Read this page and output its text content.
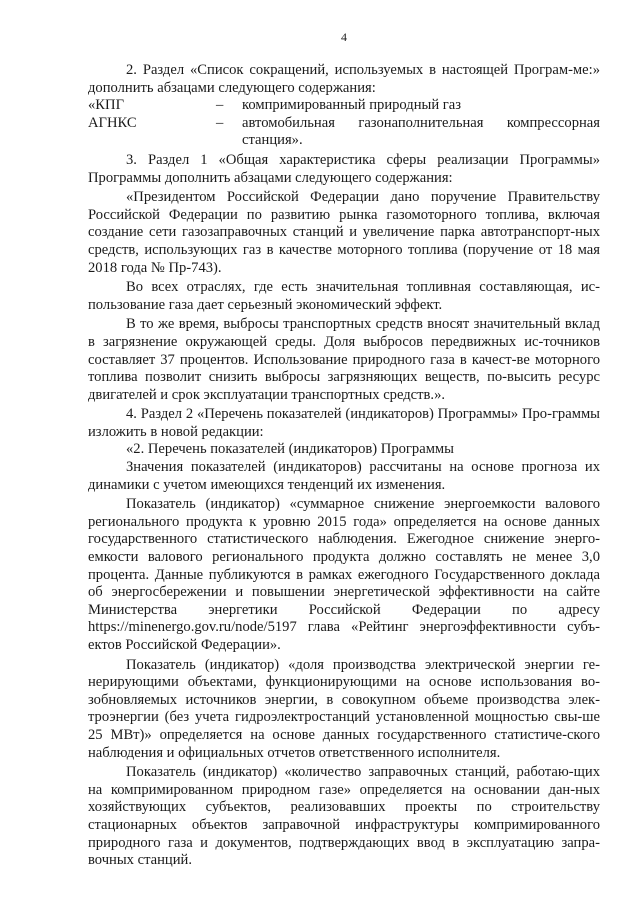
4

2. Раздел «Список сокращений, используемых в настоящей Програм-ме:» дополнить абзацами следующего содержания:

«КПГ	–	компримированный природный газ
АГНКС	–	автомобильная газонаполнительная компрессорная станция».

3. Раздел 1 «Общая характеристика сферы реализации Программы» Программы дополнить абзацами следующего содержания:

«Президентом Российской Федерации дано поручение Правительству Российской Федерации по развитию рынка газомоторного топлива, включая создание сети газозаправочных станций и увеличение парка автотранспорт-ных средств, использующих газ в качестве моторного топлива (поручение от 18 мая 2018 года № Пр-743).

Во всех отраслях, где есть значительная топливная составляющая, ис-пользование газа дает серьезный экономический эффект.

В то же время, выбросы транспортных средств вносят значительный вклад в загрязнение окружающей среды. Доля выбросов передвижных ис-точников составляет 37 процентов. Использование природного газа в качест-ве моторного топлива позволит снизить выбросы загрязняющих веществ, по-высить ресурс двигателей и срок эксплуатации транспортных средств.».

4. Раздел 2 «Перечень показателей (индикаторов) Программы» Про-граммы изложить в новой редакции:

«2. Перечень показателей (индикаторов) Программы

Значения показателей (индикаторов) рассчитаны на основе прогноза их динамики с учетом имеющихся тенденций их изменения.

Показатель (индикатор) «суммарное снижение энергоемкости валового регионального продукта к уровню 2015 года» определяется на основе данных государственного статистического наблюдения. Ежегодное снижение энерго-емкости валового регионального продукта должно составлять не менее 3,0 процента. Данные публикуются в рамках ежегодного Государственного доклада об энергосбережении и повышении энергетической эффективности на сайте Министерства энергетики Российской Федерации по адресу https://minenergo.gov.ru/node/5197 глава «Рейтинг энергоэффективности субъ-ектов Российской Федерации».

Показатель (индикатор) «доля производства электрической энергии ге-нерирующими объектами, функционирующими на основе использования во-зобновляемых источников энергии, в совокупном объеме производства элек-троэнергии (без учета гидроэлектростанций установленной мощностью свы-ше 25 МВт)» определяется на основе данных государственного статистиче-ского наблюдения и официальных отчетов ответственного исполнителя.

Показатель (индикатор) «количество заправочных станций, работаю-щих на компримированном природном газе» определяется на основании дан-ных хозяйствующих субъектов, реализовавших проекты по строительству стационарных объектов заправочной инфраструктуры компримированного природного газа и документов, подтверждающих ввод в эксплуатацию запра-вочных станций.
